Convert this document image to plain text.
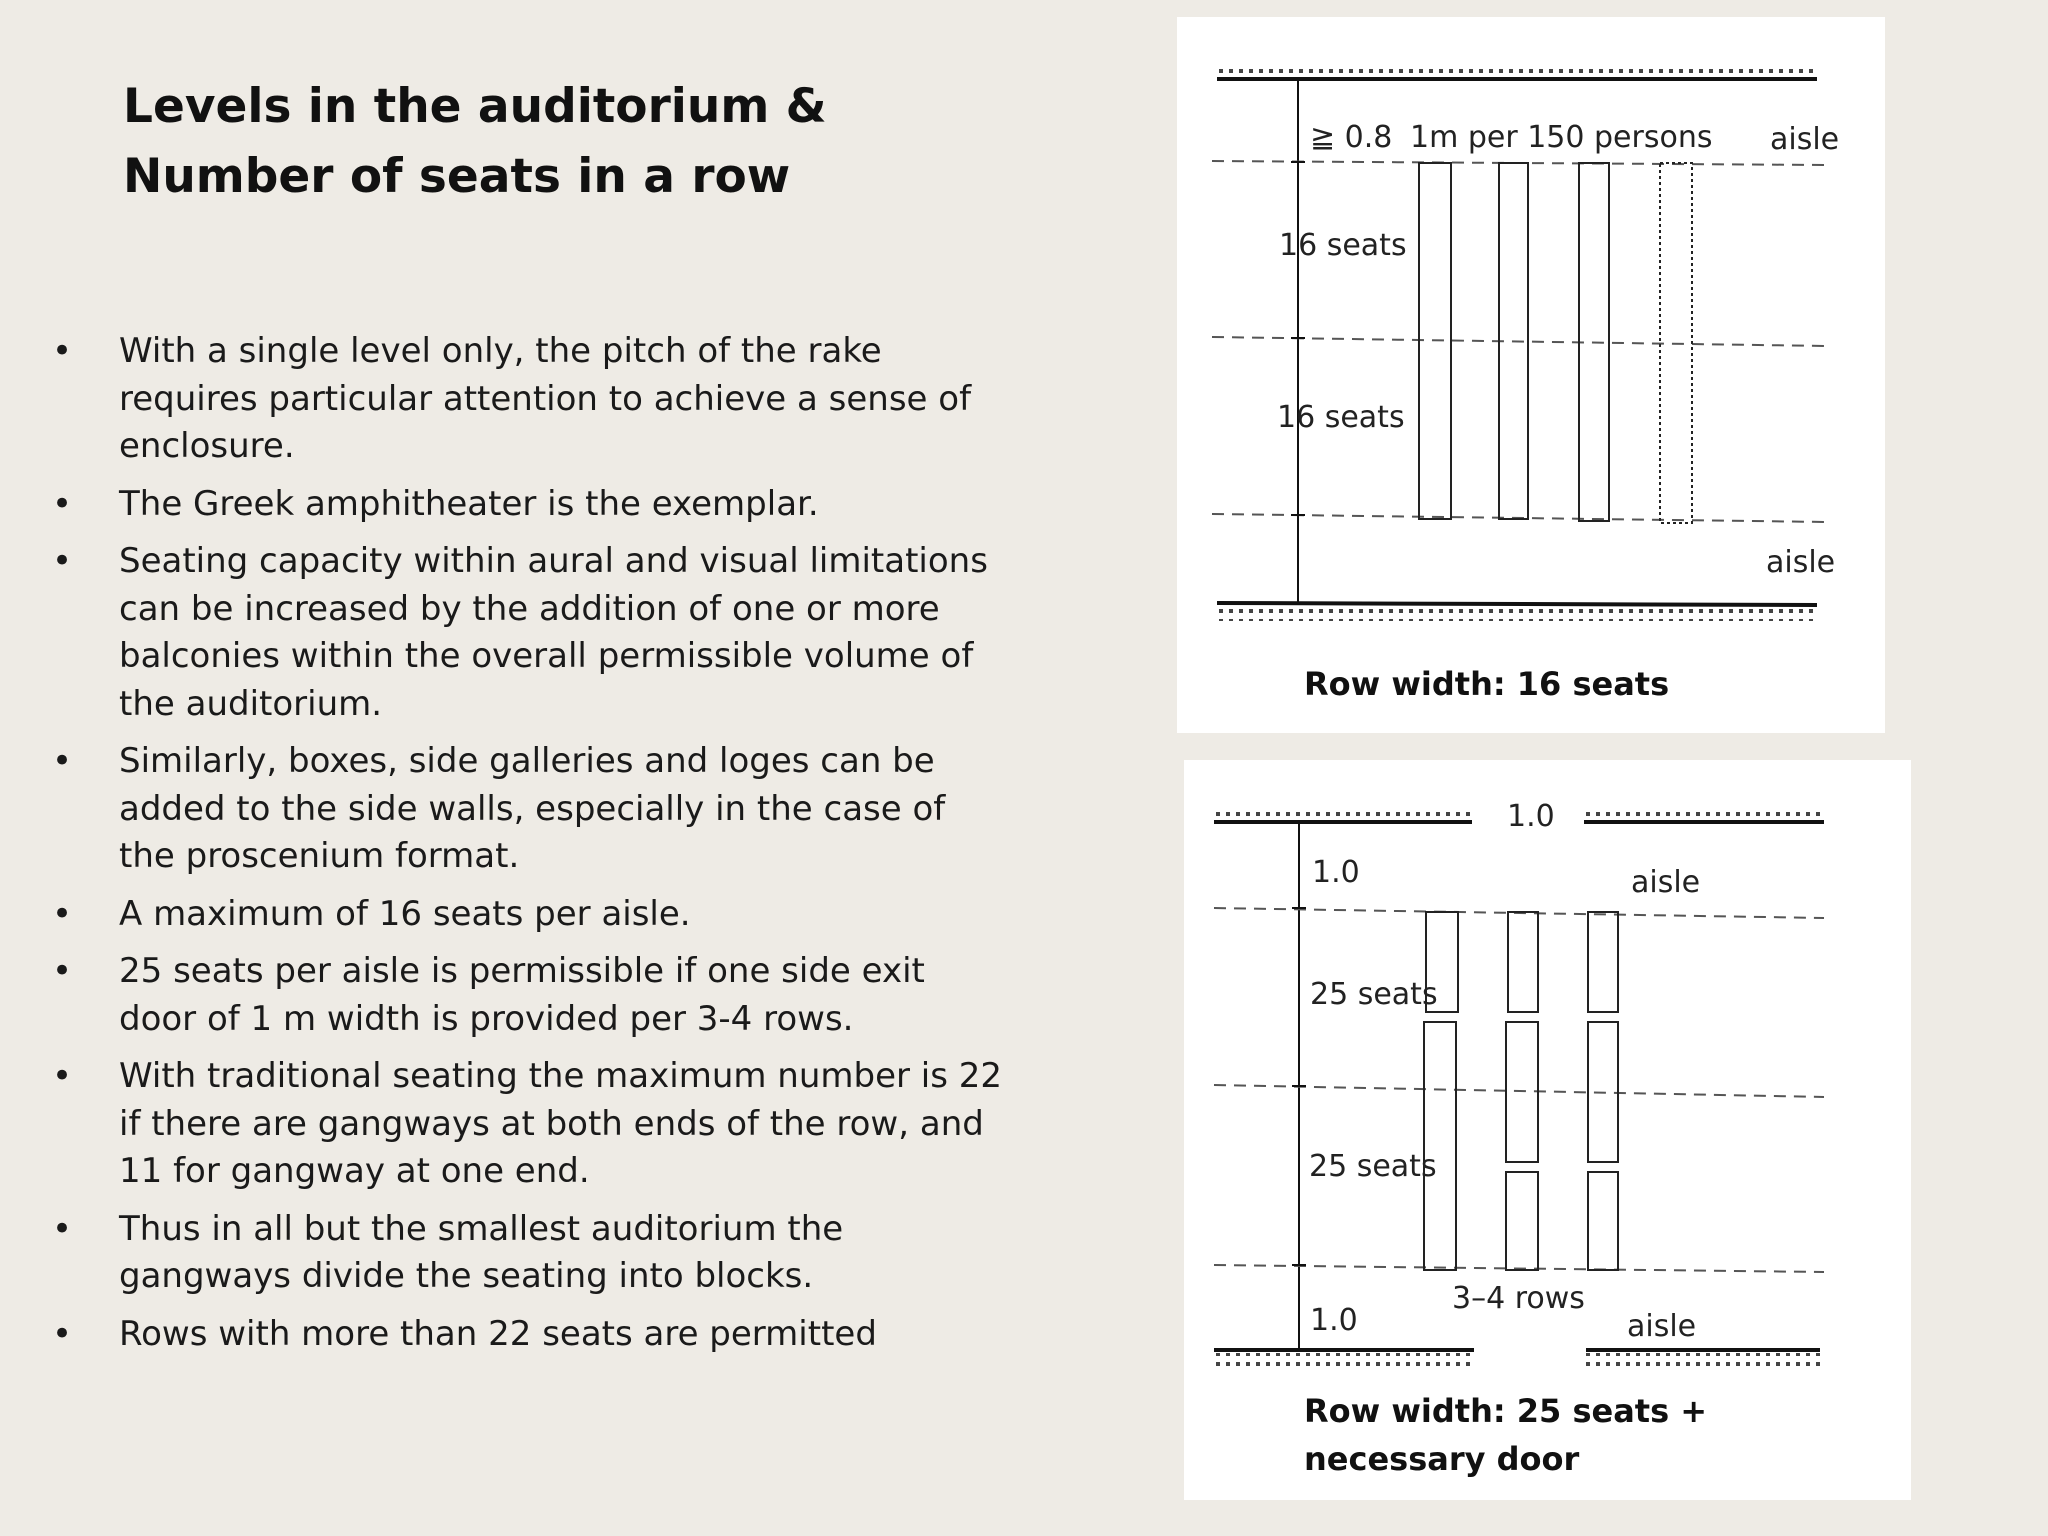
Levels in the auditorium &
Number of seats in a row
• With a single level only, the pitch of the rake requires particular attention to achieve a sense of enclosure.
• The Greek amphitheater is the exemplar.
• Seating capacity within aural and visual limitations can be increased by the addition of one or more balconies within the overall permissible volume of the auditorium.
• Similarly, boxes, side galleries and loges can be added to the side walls, especially in the case of the proscenium format.
• A maximum of 16 seats per aisle.
• 25 seats per aisle is permissible if one side exit door of 1 m width is provided per 3-4 rows.
• With traditional seating the maximum number is 22 if there are gangways at both ends of the row, and 11 for gangway at one end.
• Thus in all but the smallest auditorium the gangways divide the seating into blocks.
• Rows with more than 22 seats are permitted
≧ 0.8 1m per 150 persons aisle
16 seats
16 seats
aisle
Row width: 16 seats
1.0
1.0	aisle
25 seats
25 seats
3–4 rows
1.0	aisle
Row width: 25 seats +
necessary door
